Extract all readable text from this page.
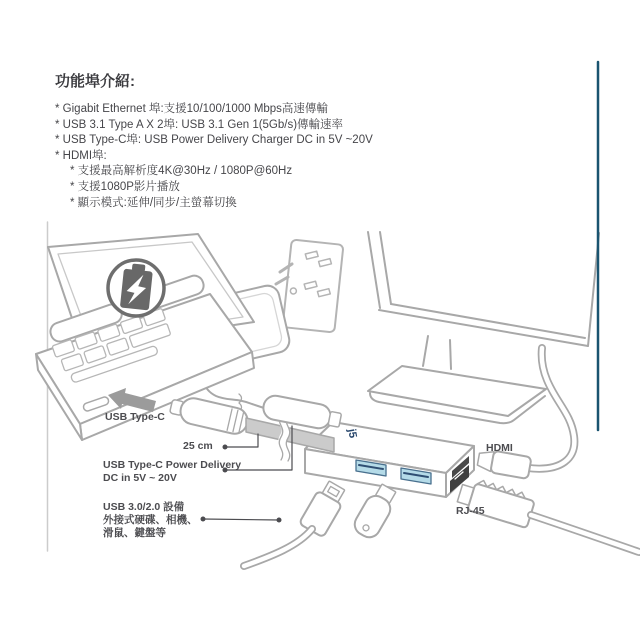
功能埠介紹:
* Gigabit Ethernet 埠:支援10/100/1000 Mbps高速傳輸
* USB 3.1 Type A X 2埠: USB 3.1 Gen 1(5Gb/s)傳輸速率
* USB Type-C埠: USB Power Delivery Charger DC in 5V ~20V
* HDMI埠:
* 支援最高解析度4K@30Hz / 1080P@60Hz
* 支援1080P影片播放
* 顯示模式:延伸/同步/主螢幕切換
j5
USB Type-C
25 cm
USB Type-C Power Delivery
DC in 5V ~ 20V
USB 3.0/2.0 設備
外接式硬碟、相機、
滑鼠、鍵盤等
HDMI
RJ-45
